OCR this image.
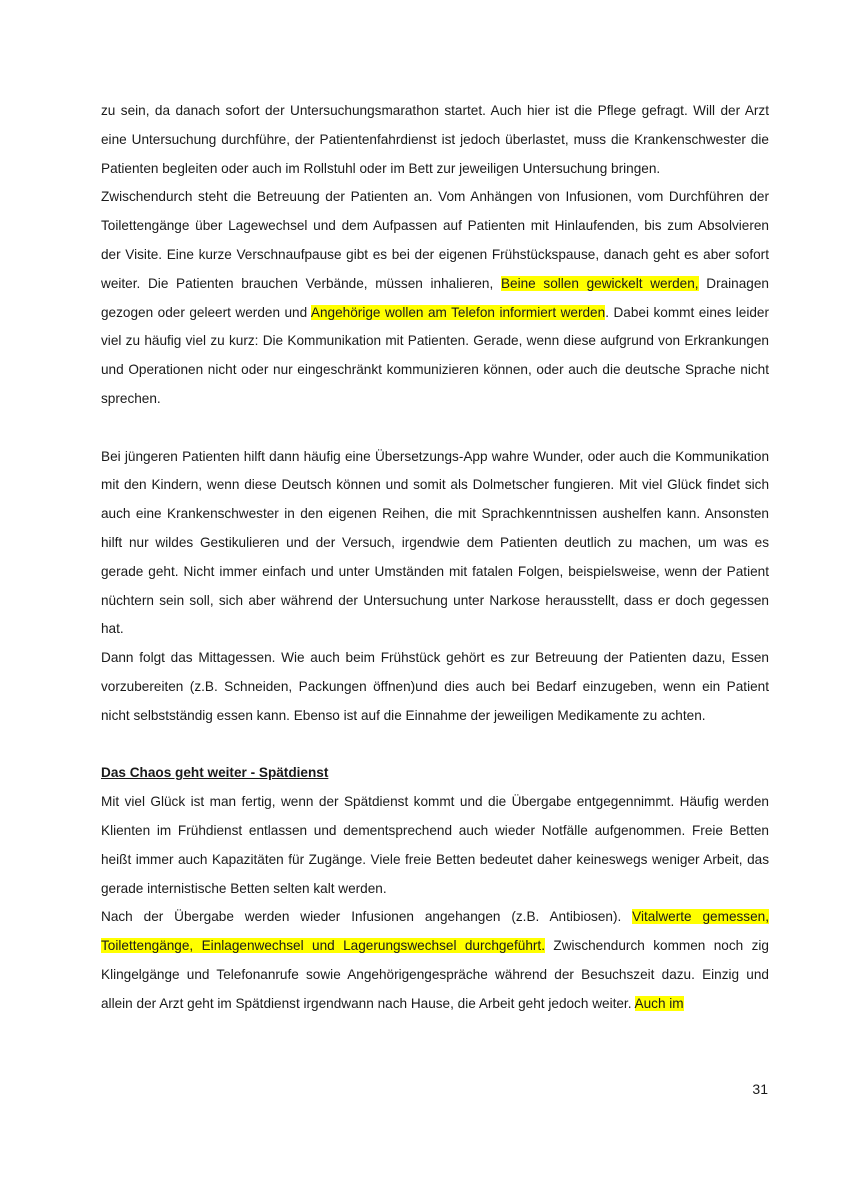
zu sein, da danach sofort der Untersuchungsmarathon startet. Auch hier ist die Pflege gefragt. Will der Arzt eine Untersuchung durchführe, der Patientenfahrdienst ist jedoch überlastet, muss die Krankenschwester die Patienten begleiten oder auch im Rollstuhl oder im Bett zur jeweiligen Untersuchung bringen.

Zwischendurch steht die Betreuung der Patienten an. Vom Anhängen von Infusionen, vom Durchführen der Toilettengänge über Lagewechsel und dem Aufpassen auf Patienten mit Hinlaufenden, bis zum Absolvieren der Visite. Eine kurze Verschnaufpause gibt es bei der eigenen Frühstückspause, danach geht es aber sofort weiter. Die Patienten brauchen Verbände, müssen inhalieren, Beine sollen gewickelt werden, Drainagen gezogen oder geleert werden und Angehörige wollen am Telefon informiert werden. Dabei kommt eines leider viel zu häufig viel zu kurz: Die Kommunikation mit Patienten. Gerade, wenn diese aufgrund von Erkrankungen und Operationen nicht oder nur eingeschränkt kommunizieren können, oder auch die deutsche Sprache nicht sprechen.

Bei jüngeren Patienten hilft dann häufig eine Übersetzungs-App wahre Wunder, oder auch die Kommunikation mit den Kindern, wenn diese Deutsch können und somit als Dolmetscher fungieren. Mit viel Glück findet sich auch eine Krankenschwester in den eigenen Reihen, die mit Sprachkenntnissen aushelfen kann. Ansonsten hilft nur wildes Gestikulieren und der Versuch, irgendwie dem Patienten deutlich zu machen, um was es gerade geht. Nicht immer einfach und unter Umständen mit fatalen Folgen, beispielsweise, wenn der Patient nüchtern sein soll, sich aber während der Untersuchung unter Narkose herausstellt, dass er doch gegessen hat.

Dann folgt das Mittagessen. Wie auch beim Frühstück gehört es zur Betreuung der Patienten dazu, Essen vorzubereiten (z.B. Schneiden, Packungen öffnen)und dies auch bei Bedarf einzugeben, wenn ein Patient nicht selbstständig essen kann. Ebenso ist auf die Einnahme der jeweiligen Medikamente zu achten.

Das Chaos geht weiter - Spätdienst

Mit viel Glück ist man fertig, wenn der Spätdienst kommt und die Übergabe entgegennimmt. Häufig werden Klienten im Frühdienst entlassen und dementsprechend auch wieder Notfälle aufgenommen. Freie Betten heißt immer auch Kapazitäten für Zugänge. Viele freie Betten bedeutet daher keineswegs weniger Arbeit, das gerade internistische Betten selten kalt werden.

Nach der Übergabe werden wieder Infusionen angehangen (z.B. Antibiosen). Vitalwerte gemessen, Toilettengänge, Einlagenwechsel und Lagerungswechsel durchgeführt. Zwischendurch kommen noch zig Klingelgänge und Telefonanrufe sowie Angehörigengespräche während der Besuchszeit dazu. Einzig und allein der Arzt geht im Spätdienst irgendwann nach Hause, die Arbeit geht jedoch weiter. Auch im

31
